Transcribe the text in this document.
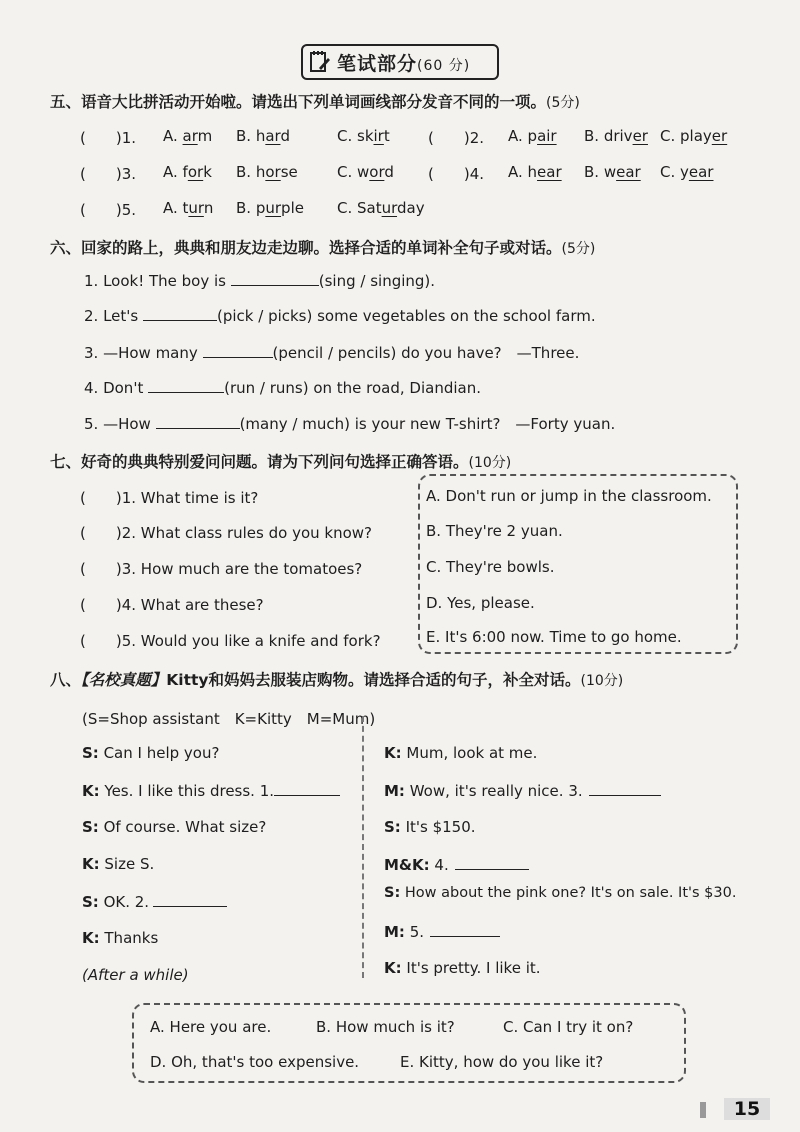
笔试部分(60 分)
五、语音大比拼活动开始啦。请选出下列单词画线部分发音不同的一项。(5分)
(　　)1. A. arm B. hard	C. skirt	(　　)2. A. pair B. driver C. player
(　　)3. A. fork B. horse	C. word (　　)4. A. hear B. wear C. year
(　　)5. A. turn B. purple C. Saturday
六、回家的路上，典典和朋友边走边聊。选择合适的单词补全句子或对话。(5分)
1. Look! The boy is	(sing / singing).
2. Let's	(pick / picks) some vegetables on the school farm.
3. —How many	(pencil / pencils) do you have?　—Three.
4. Don't	(run / runs) on the road, Diandian.
5. —How	(many / much) is your new T-shirt?　—Forty yuan.
七、好奇的典典特别爱问问题。请为下列问句选择正确答语。(10分)
(　　)1. What time is it?
(　　)2. What class rules do you know?
(　　)3. How much are the tomatoes?
(　　)4. What are these?
(　　)5. Would you like a knife and fork?
A. Don't run or jump in the classroom.
B. They're 2 yuan.
C. They're bowls.
D. Yes, please.
E. It's 6:00 now. Time to go home.
八、【名校真题】Kitty和妈妈去服装店购物。请选择合适的句子，补全对话。(10分)
(S=Shop assistant　K=Kitty　M=Mum)
S: Can I help you?
K: Yes. I like this dress. 1.
S: Of course. What size?
K: Size S.
S: OK. 2.
K: Thanks
(After a while)
K: Mum, look at me.
M: Wow, it's really nice. 3.
S: It's $150.
M&K: 4.
S: How about the pink one? It's on sale. It's $30.
M: 5.
K: It's pretty. I like it.
A. Here you are.	B. How much is it?	C. Can I try it on?
D. Oh, that's too expensive.	E. Kitty, how do you like it?
15
